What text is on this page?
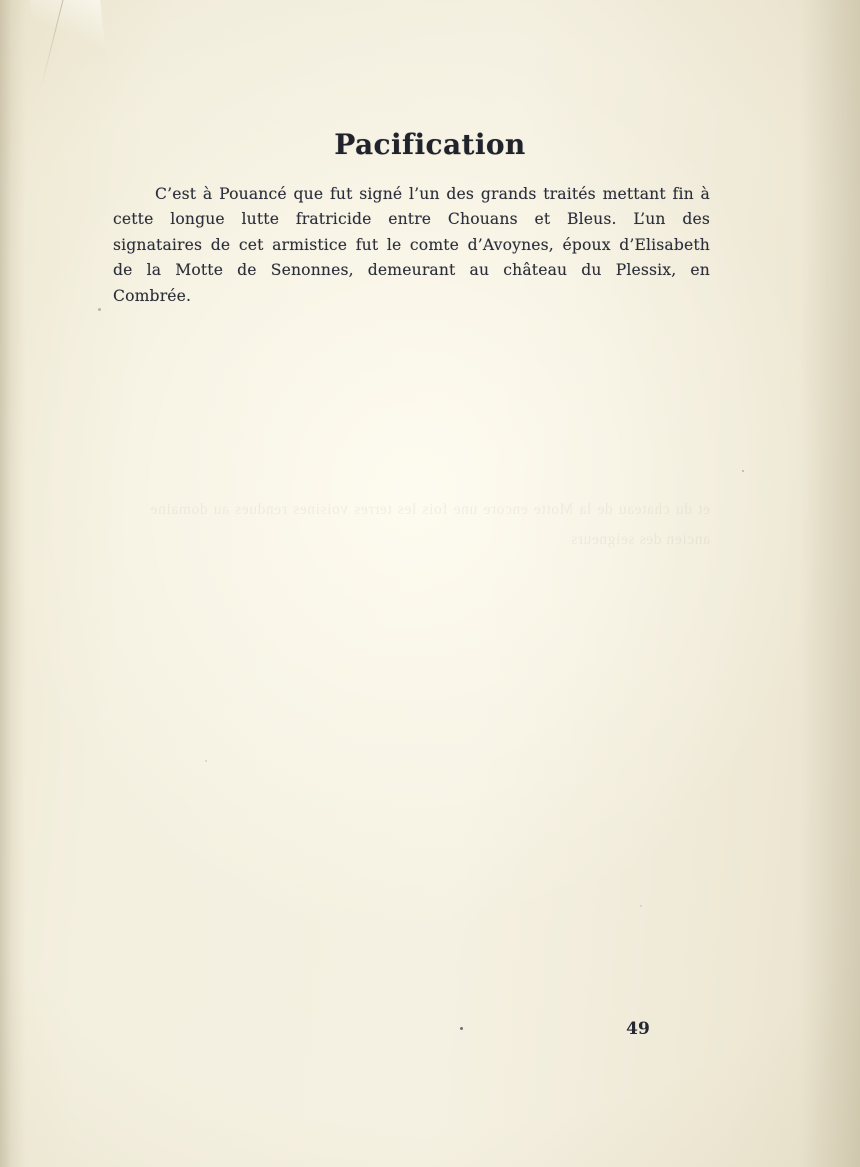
et du chateau de la Motte encore une fois les terres voisines rendues au domaine ancien des seigneurs
Pacification
C’est à Pouancé que fut signé l’un des grands traités mettant fin à cette longue lutte fratricide entre Chouans et Bleus. L’un des signataires de cet armistice fut le comte d’Avoynes, époux d’Elisabeth de la Motte de Senonnes, demeurant au château du Plessix, en Combrée.
49
